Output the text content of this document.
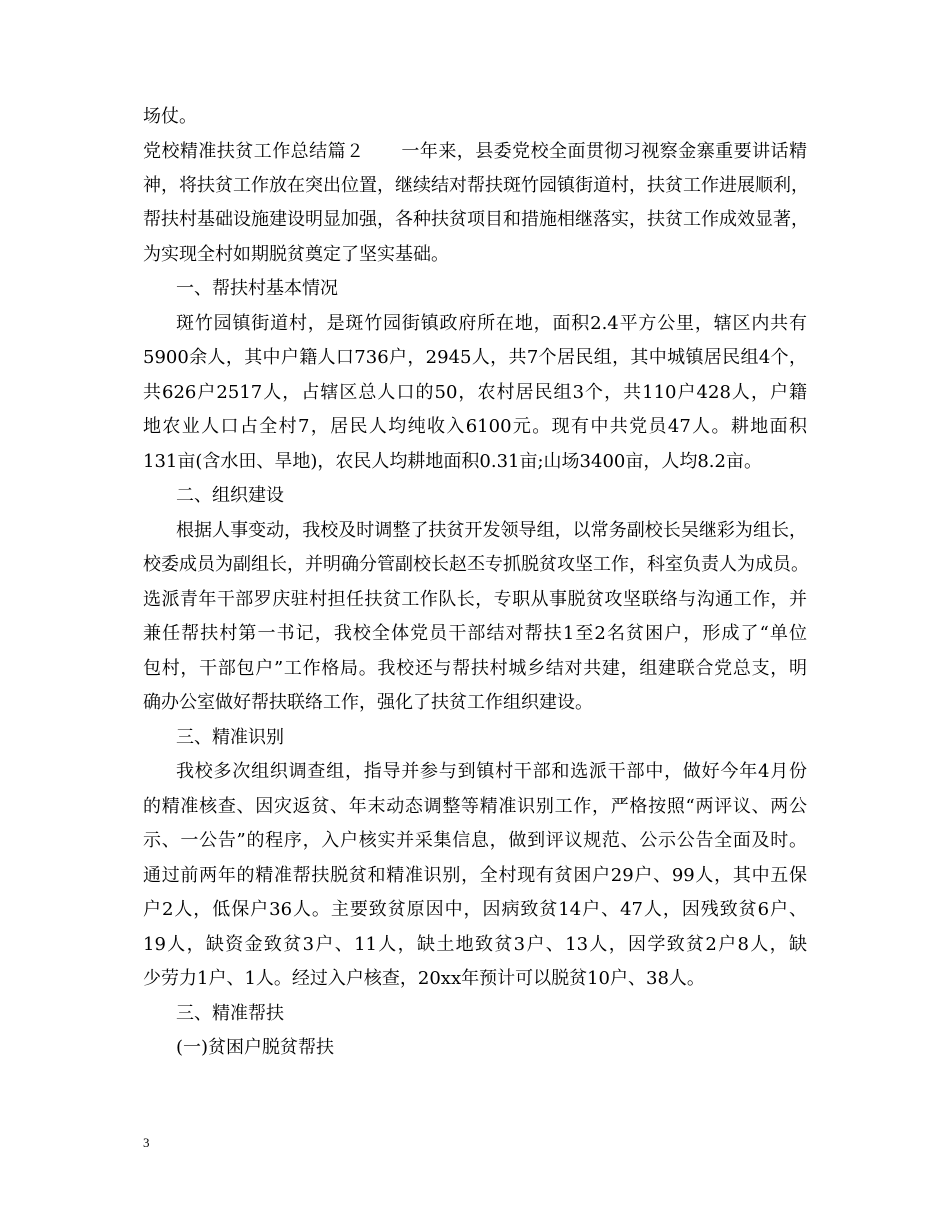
场仗。
党校精准扶贫工作总结篇２　　一年来，县委党校全面贯彻习视察金寨重要讲话精
神，将扶贫工作放在突出位置，继续结对帮扶斑竹园镇街道村，扶贫工作进展顺利，
帮扶村基础设施建设明显加强，各种扶贫项目和措施相继落实，扶贫工作成效显著，
为实现全村如期脱贫奠定了坚实基础。
一、帮扶村基本情况
斑竹园镇街道村，是斑竹园街镇政府所在地，面积2.4平方公里，辖区内共有
5900余人，其中户籍人口736户，2945人，共7个居民组，其中城镇居民组4个，
共626户2517人，占辖区总人口的50，农村居民组3个，共110户428人，户籍
地农业人口占全村7，居民人均纯收入6100元。现有中共党员47人。耕地面积
131亩(含水田、旱地)，农民人均耕地面积0.31亩;山场3400亩，人均8.2亩。
二、组织建设
根据人事变动，我校及时调整了扶贫开发领导组，以常务副校长吴继彩为组长，
校委成员为副组长，并明确分管副校长赵丕专抓脱贫攻坚工作，科室负责人为成员。
选派青年干部罗庆驻村担任扶贫工作队长，专职从事脱贫攻坚联络与沟通工作，并
兼任帮扶村第一书记，我校全体党员干部结对帮扶1至2名贫困户，形成了“单位
包村，干部包户”工作格局。我校还与帮扶村城乡结对共建，组建联合党总支，明
确办公室做好帮扶联络工作，强化了扶贫工作组织建设。
三、精准识别
我校多次组织调查组，指导并参与到镇村干部和选派干部中，做好今年4月份
的精准核查、因灾返贫、年末动态调整等精准识别工作，严格按照“两评议、两公
示、一公告”的程序，入户核实并采集信息，做到评议规范、公示公告全面及时。
通过前两年的精准帮扶脱贫和精准识别，全村现有贫困户29户、99人，其中五保
户2人，低保户36人。主要致贫原因中，因病致贫14户、47人，因残致贫6户、
19人，缺资金致贫3户、11人，缺土地致贫3户、13人，因学致贫2户8人，缺
少劳力1户、1人。经过入户核查，20xx年预计可以脱贫10户、38人。
三、精准帮扶
(一)贫困户脱贫帮扶
3
